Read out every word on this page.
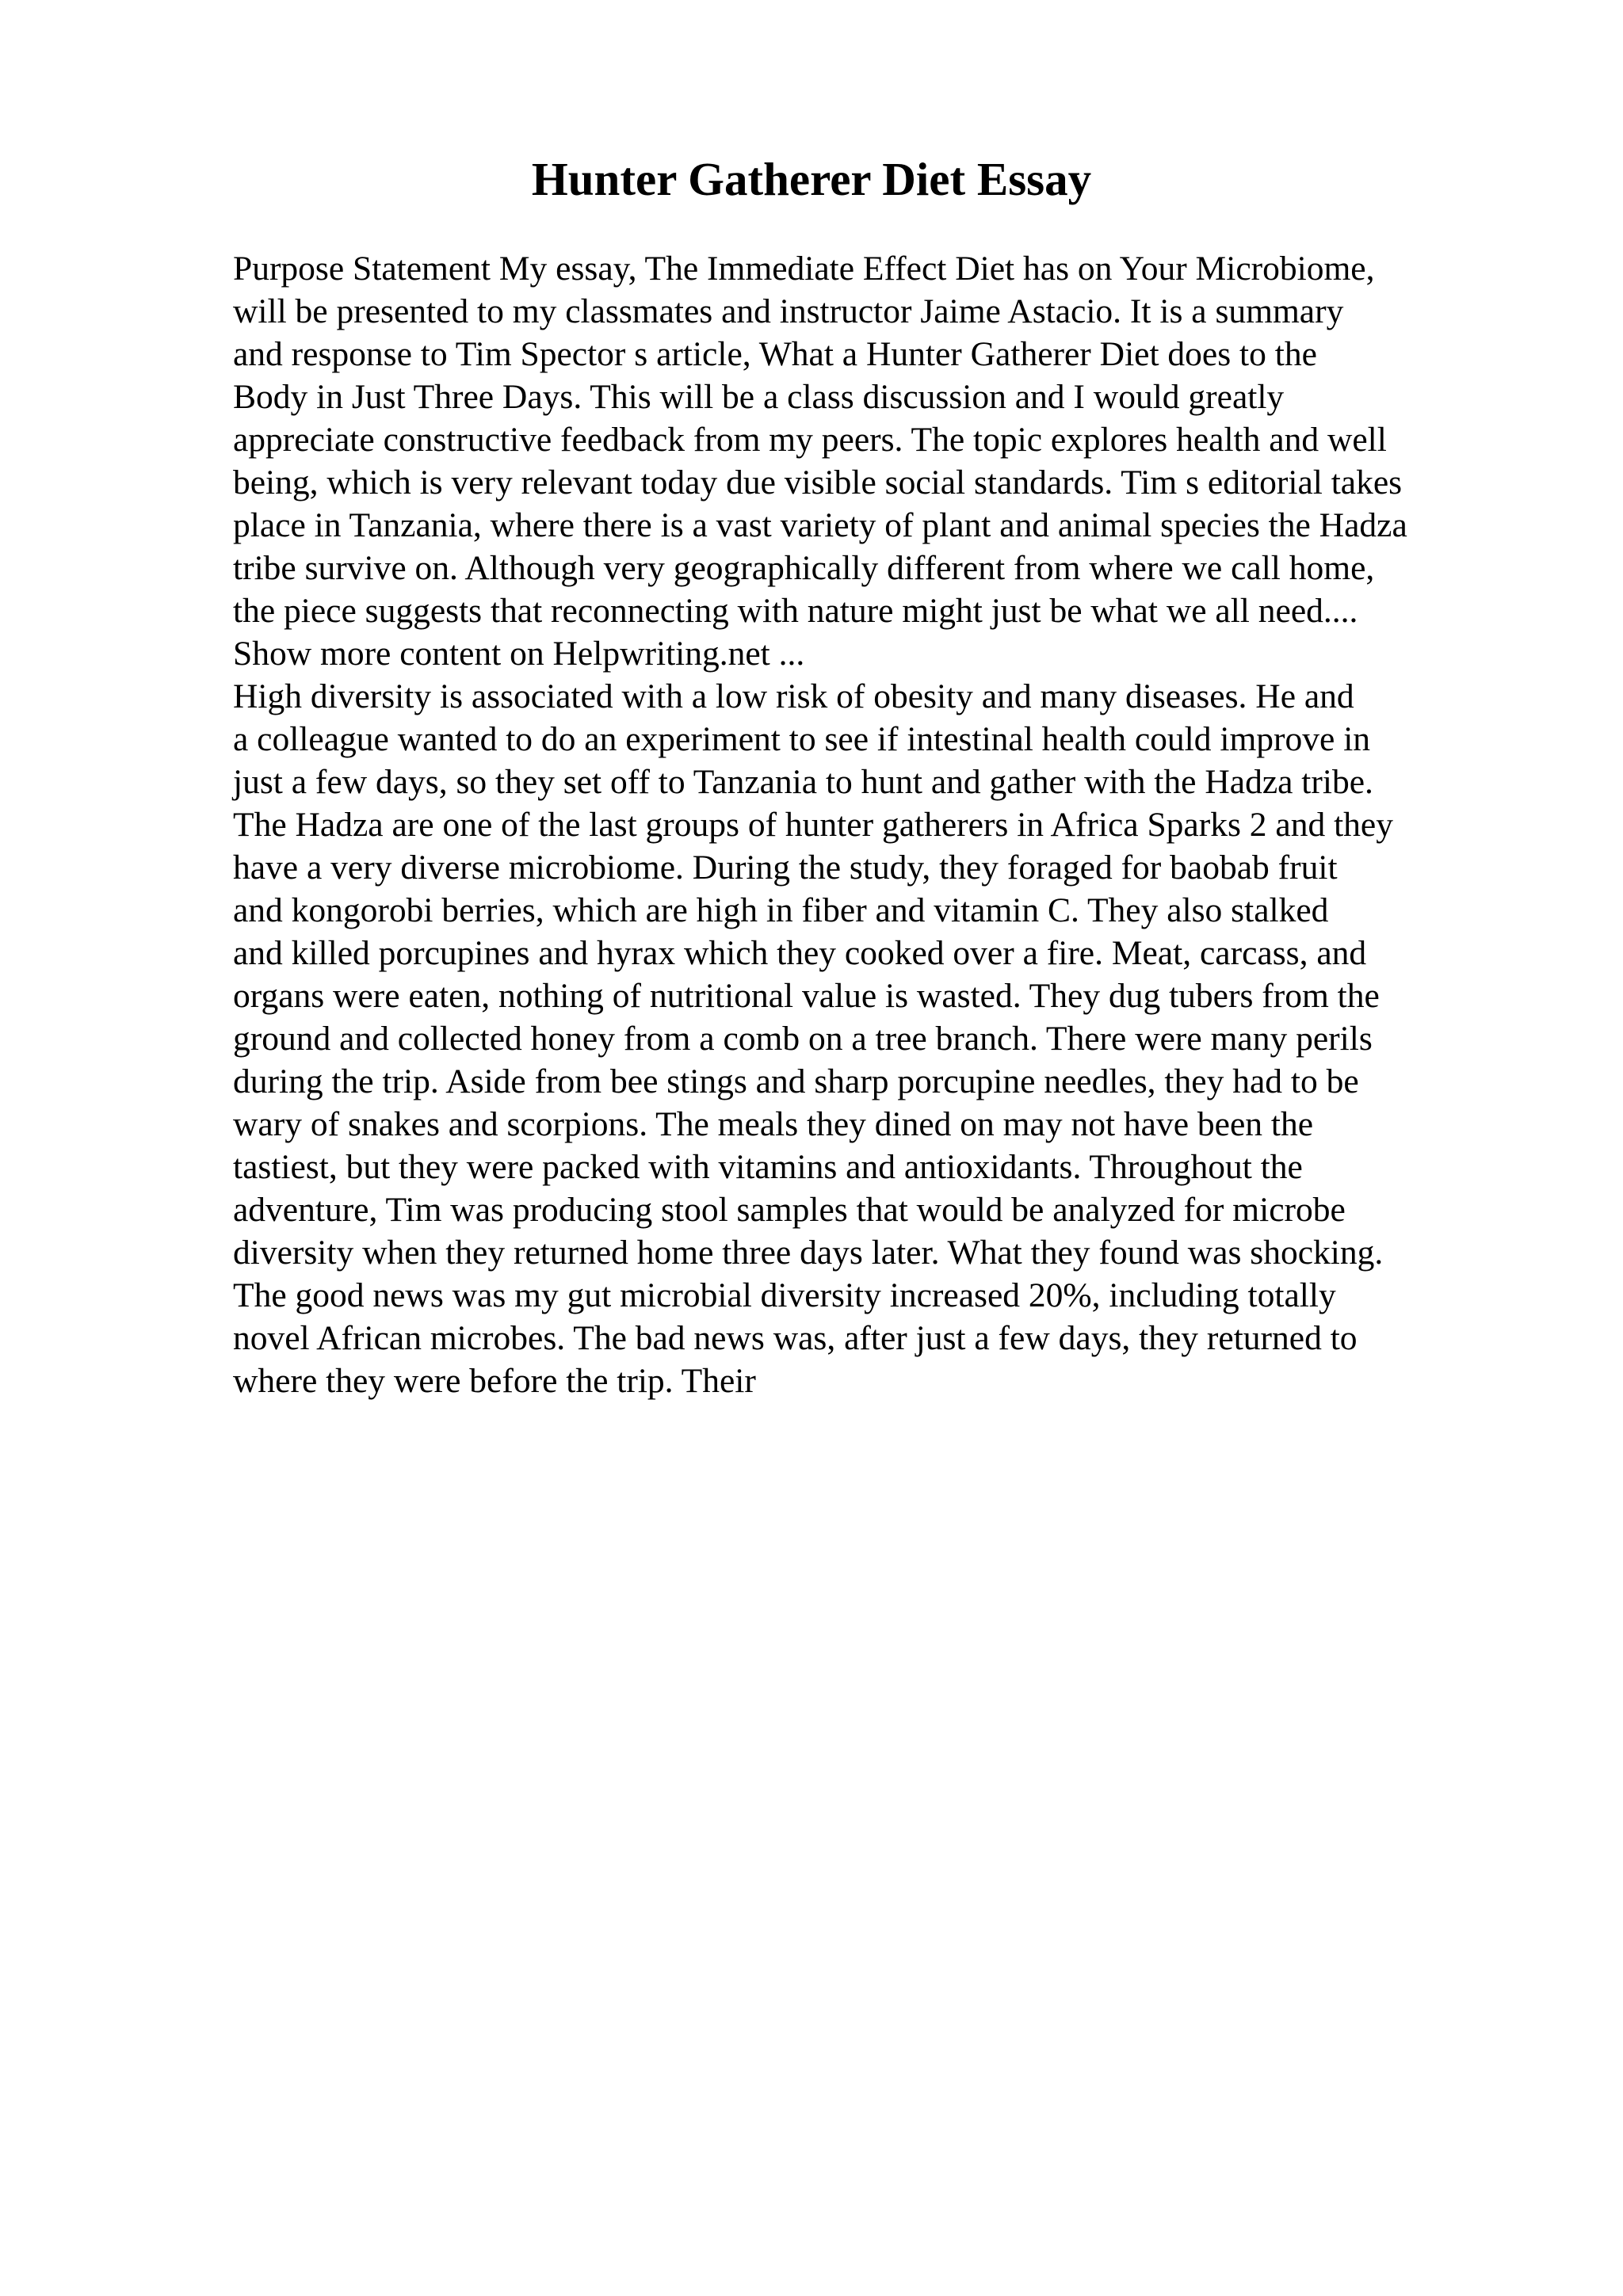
Hunter Gatherer Diet Essay
Purpose Statement My essay, The Immediate Effect Diet has on Your Microbiome,
will be presented to my classmates and instructor Jaime Astacio. It is a summary
and response to Tim Spector s article, What a Hunter Gatherer Diet does to the
Body in Just Three Days. This will be a class discussion and I would greatly
appreciate constructive feedback from my peers. The topic explores health and well
being, which is very relevant today due visible social standards. Tim s editorial takes
place in Tanzania, where there is a vast variety of plant and animal species the Hadza
tribe survive on. Although very geographically different from where we call home,
the piece suggests that reconnecting with nature might just be what we all need....
Show more content on Helpwriting.net ...
High diversity is associated with a low risk of obesity and many diseases. He and
a colleague wanted to do an experiment to see if intestinal health could improve in
just a few days, so they set off to Tanzania to hunt and gather with the Hadza tribe.
The Hadza are one of the last groups of hunter gatherers in Africa Sparks 2 and they
have a very diverse microbiome. During the study, they foraged for baobab fruit
and kongorobi berries, which are high in fiber and vitamin C. They also stalked
and killed porcupines and hyrax which they cooked over a fire. Meat, carcass, and
organs were eaten, nothing of nutritional value is wasted. They dug tubers from the
ground and collected honey from a comb on a tree branch. There were many perils
during the trip. Aside from bee stings and sharp porcupine needles, they had to be
wary of snakes and scorpions. The meals they dined on may not have been the
tastiest, but they were packed with vitamins and antioxidants. Throughout the
adventure, Tim was producing stool samples that would be analyzed for microbe
diversity when they returned home three days later. What they found was shocking.
The good news was my gut microbial diversity increased 20%, including totally
novel African microbes. The bad news was, after just a few days, they returned to
where they were before the trip. Their
